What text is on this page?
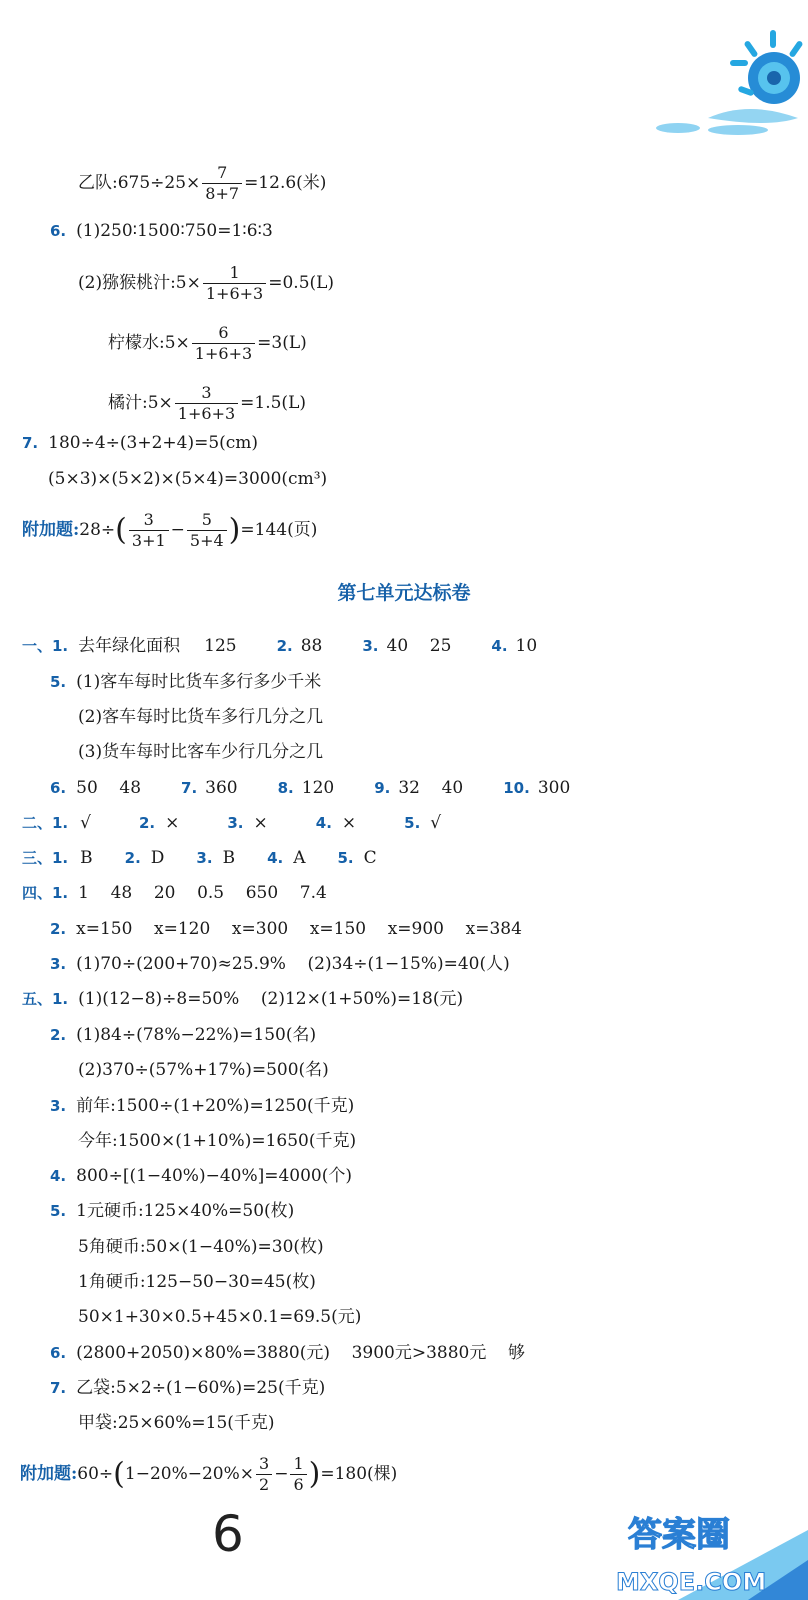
乙队:675÷25× $\frac{7}{8+7} =12.6$(米)
6. (1)250∶1500∶750=1∶6∶3
(2)猕猴桃汁:5× $\frac{1}{1+6+3} =0.5(L)$
柠檬水:5× $\frac{6}{1+6+3} =3(L)$
橘汁:5× $\frac{3}{1+6+3} =1.5(L)$
7. 180÷4÷(3+2+4)=5(cm)
(5×3)×(5×2)×(5×4)=3000(cm³)
附加题:28÷( $\frac{3}{3+1} - \frac{5}{5+4} )=144$(页)
第七单元达标卷
一、1. 去年绿化面积 125	2. 88	3. 40    25	4. 10
5. (1)客车每时比货车多行多少千米
(2)客车每时比货车多行几分之几
(3)货车每时比客车少行几分之几
6. 50    48	7. 360	8. 120	9. 32    40	10. 300
二、1. √	2. ×	3. ×	4. ×	5. √
三、1. B 2. D 3. B 4. A 5. C
四、1. 1    48    20    0.5    650    7.4
2. x=150    x=120    x=300    x=150    x=900    x=384
3. (1)70÷(200+70)≈25.9%    (2)34÷(1−15%)=40(人)
五、1. (1)(12−8)÷8=50%    (2)12×(1+50%)=18(元)
2. (1)84÷(78%−22%)=150(名)
(2)370÷(57%+17%)=500(名)
3. 前年:1500÷(1+20%)=1250(千克)
今年:1500×(1+10%)=1650(千克)
4. 800÷[(1−40%)−40%]=4000(个)
5. 1元硬币:125×40%=50(枚)
5角硬币:50×(1−40%)=30(枚)
1角硬币:125−50−30=45(枚)
50×1+30×0.5+45×0.1=69.5(元)
6. (2800+2050)×80%=3880(元)    3900元>3880元    够
7. 乙袋:5×2÷(1−60%)=25(千克)
甲袋:25×60%=15(千克)
附加题:60÷(1−20%−20%× $\frac{3}{2} - \frac{1}{6} )=180$(棵)
6	答案圈
MXQE.COM
